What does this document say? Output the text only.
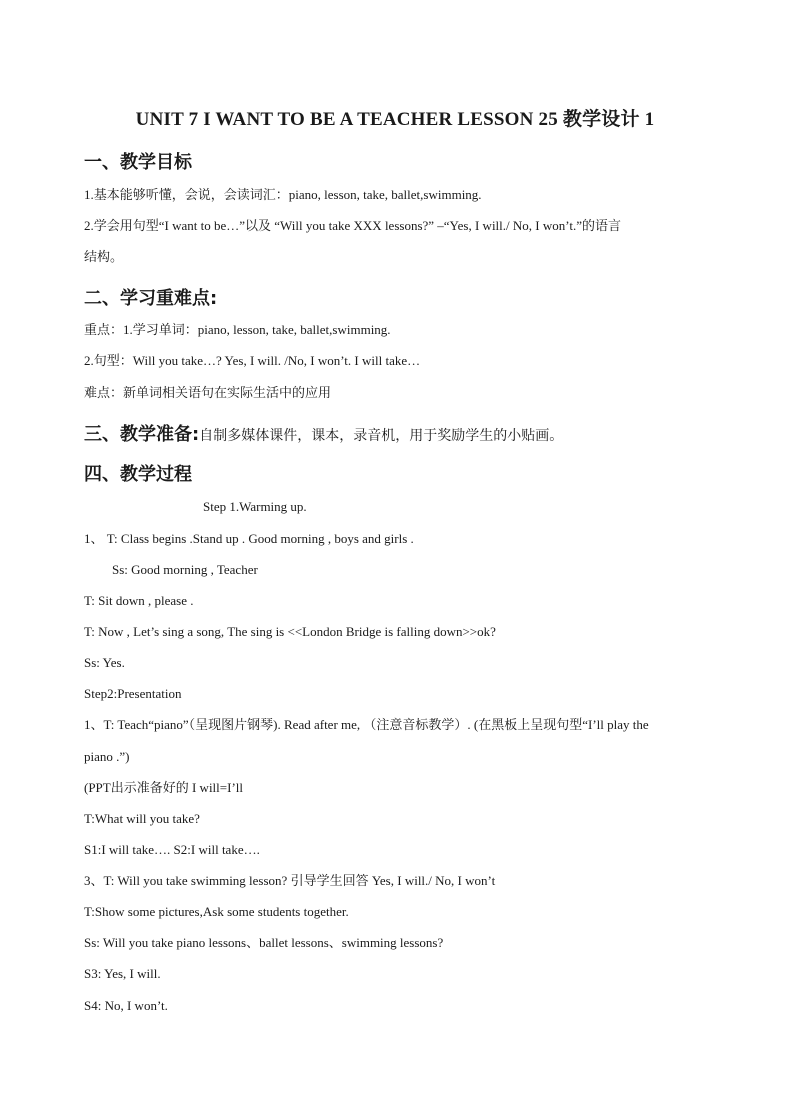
UNIT 7 I WANT TO BE A TEACHER LESSON 25 教学设计 1
一、教学目标
1.基本能够听懂，会说，会读词汇：piano, lesson, take, ballet,swimming.
2.学会用句型“I want to be…”以及 “Will you take XXX lessons?” –“Yes, I will./ No, I won’t.”的语言
结构。
二、学习重难点:
重点：1.学习单词：piano, lesson, take, ballet,swimming.
2.句型：Will you take…? Yes, I will. /No, I won’t. I will take…
难点：新单词相关语句在实际生活中的应用
三、教学准备:自制多媒体课件，课本，录音机，用于奖励学生的小贴画。
四、教学过程
Step 1.Warming up.
1、 T: Class begins .Stand up . Good morning , boys and girls .
Ss: Good morning , Teacher
T: Sit down , please .
T: Now , Let’s sing a song, The sing is <<London Bridge is falling down>>ok?
Ss: Yes.
Step2:Presentation
1、T: Teach“piano”（呈现图片钢琴). Read after me, （注意音标教学）. (在黑板上呈现句型“I’ll play the
piano .”)
(PPT出示准备好的 I will=I’ll
T:What will you take?
S1:I will take…. S2:I will take….
3、T: Will you take swimming lesson? 引导学生回答 Yes, I will./ No, I won’t
T:Show some pictures,Ask some students together.
Ss: Will you take piano lessons、ballet lessons、swimming lessons?
S3: Yes, I will.
S4: No, I won’t.
